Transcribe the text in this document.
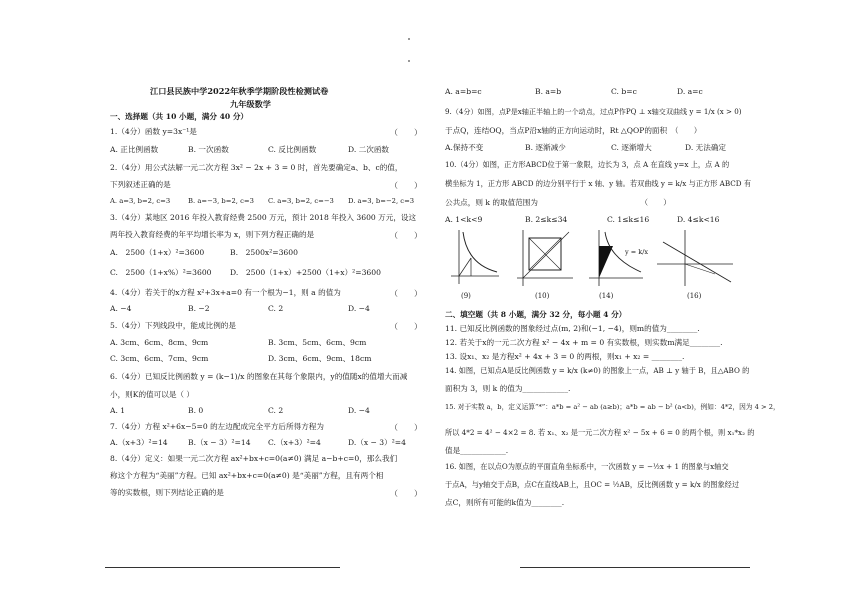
江口县民族中学2022年秋季学期阶段性检测试卷
九年级数学
一、选择题（共 10 小题，满分 40 分）
1.（4分）函数 y=3x⁻¹是	（　　）
A. 正比例函数	B. 一次函数	C. 反比例函数	D. 二次函数
2.（4分）用公式法解一元二次方程 3x² − 2x + 3 = 0 时，首先要确定a、b、c的值，
下列叙述正确的是	（　　）
A. a=3, b=2, c=3	B. a=−3, b=2, c=3 C. a=3, b=2, c=−3 D. a=3, b=−2, c=3
3.（4分）某地区 2016 年投入教育经费 2500 万元，预计 2018 年投入 3600 万元，设这
两年投入教育经费的年平均增长率为 x，则下列方程正确的是	（　　）
A.　2500（1+x）²=3600	B.　2500x²=3600
C.　2500（1+x%）²=3600 D.　2500（1+x）+2500（1+x）²=3600
4.（4分）若关于的x方程 x²+3x+a=0 有一个根为−1，则 a 的值为	（　　）
A. −4	B. −2	C. 2	D. −4
5.（4分）下列线段中，能成比例的是	（　　）
A. 3cm、6cm、8cm、9cm	B. 3cm、5cm、6cm、9cm
C. 3cm、6cm、7cm、9cm	D. 3cm、6cm、9cm、18cm
6.（4分）已知反比例函数 y = (k−1)/x 的图象在其每个象限内，y的值随x的值增大而减
小，则K的值可以是（ ）
A. 1	B. 0	C. 2	D. −4
7.（4分）方程 x²+6x−5=0 的左边配成完全平方后所得方程为	（　　）
A.（x+3）²=14	B.（x − 3）²=14 C.（x+3）²=4	D.（x − 3）²=4
8.（4分）定义：如果一元二次方程 ax²+bx+c=0(a≠0) 满足 a−b+c=0，那么我们
称这个方程为“美丽”方程。已知 ax²+bx+c=0(a≠0) 是“美丽”方程，且有两个相
等的实数根，则下列结论正确的是	（　　）
A. a=b=c	B. a=b	C. b=c	D. a=c
9.（4分）如图，点P是x轴正半轴上的一个动点，过点P作PQ ⊥ x轴交双曲线 y = 1/x (x > 0)
于点Q，连结OQ，当点P沿x轴的正方向运动时，Rt △QOP的面积　（　　）
A.保持不变	B. 逐渐减少	C. 逐渐增大	D. 无法确定
10.（4分）如图，正方形ABCD位于第一象限，边长为 3，点 A 在直线 y=x 上，点 A 的
横坐标为 1，正方形 ABCD 的边分别平行于 x 轴、y 轴。若双曲线 y = k/x 与正方形 ABCD 有
公共点，则 k 的取值范围为　　　　　　　　　　　　　　（　　）
A. 1<k<9	B. 2≤k≤34	C. 1≤k≤16	D. 4≤k<16
(9)	(10)
y = k/x
(14)	(16)
二、填空题（共 8 小题，满分 32 分，每小题 4 分）
11. 已知反比例函数的图象经过点(m, 2)和(−1, −4)，则m的值为________.
12. 若关于x的一元二次方程 x² − 4x + m = 0 有实数根，则实数m满足________.
13. 设x₁、x₂ 是方程x² + 4x + 3 = 0 的两根，则x₁ + x₂ = ________.
14. 如图，已知点A是反比例函数 y = k/x (k≠0) 的图象上一点，AB ⊥ y 轴于 B，且△ABO 的
面积为 3，则 k 的值为____________.
15. 对于实数 a，b，定义运算“*”：a*b = a² − ab (a≥b)；a*b = ab − b² (a<b)，例如：4*2，因为 4 > 2，
所以 4*2 = 4² − 4×2 = 8. 若 x₁、x₂ 是一元二次方程 x² − 5x + 6 = 0 的两个根，则 x₁*x₂ 的
值是____________.
16. 如图，在以点O为原点的平面直角坐标系中，一次函数 y = −½x + 1 的图象与x轴交
于点A，与y轴交于点B，点C在直线AB上，且OC = ½AB，反比例函数 y = k/x 的图象经过
点C，则所有可能的k值为________.
